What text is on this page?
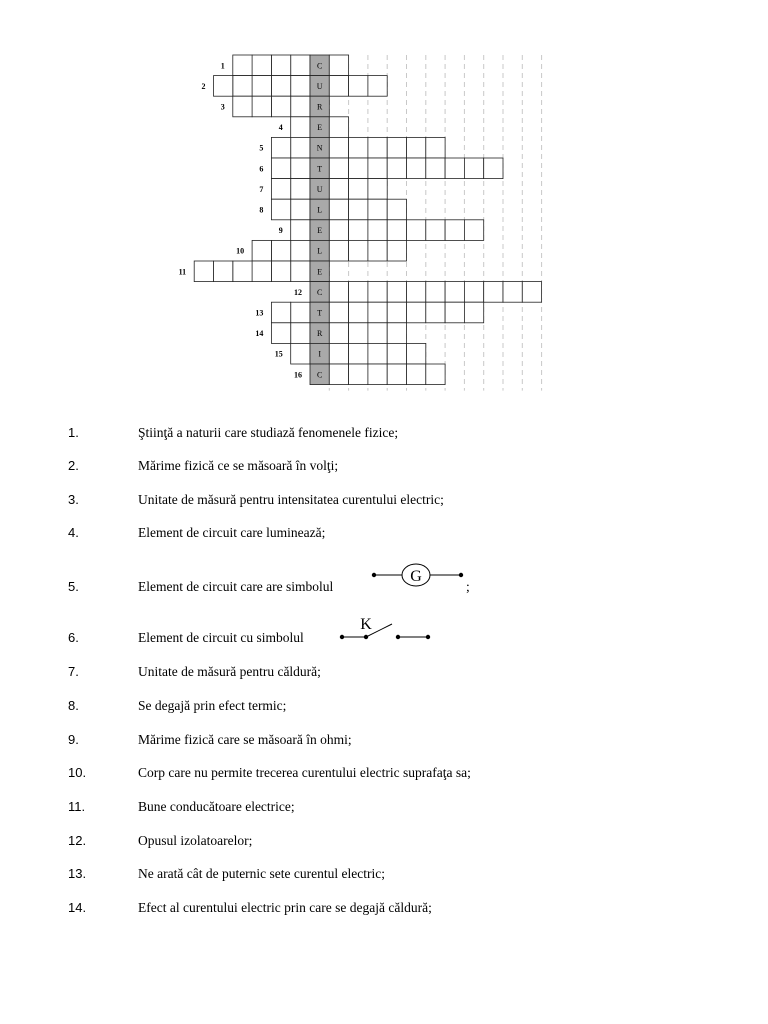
C
1
U
2
R
3
E
4
N
5
T
6
U
7
L
8
E
9
L
10
E
11
C
12
T
13
R
14
I
15
C
16
1.	Ştiinţă a naturii care studiază fenomenele fizice;
2.	Mărime fizică ce se măsoară în volţi;
3.	Unitate de măsură pentru intensitatea curentului electric;
4.	Element de circuit care luminează;
5.	Element de circuit care are simbolul	;
G
6.	Element de circuit cu simbolul
K
7.	Unitate de măsură pentru căldură;
8.	Se degajă prin efect termic;
9.	Mărime fizică care se măsoară în ohmi;
10.	Corp care nu permite trecerea curentului electric suprafaţa sa;
11.	Bune conducătoare electrice;
12.	Opusul izolatoarelor;
13.	Ne arată cât de puternic sete curentul electric;
14.	Efect al curentului electric prin care se degajă căldură;
